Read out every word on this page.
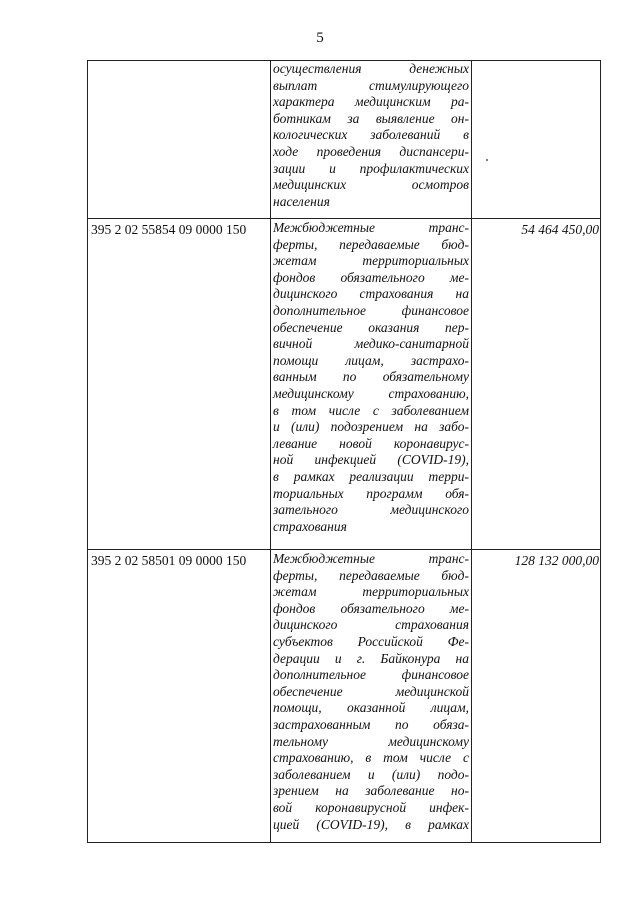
5
осуществления денежных
выплат стимулирующего
характера медицинским ра-
ботникам за выявление он-
кологических заболеваний в
ходе проведения диспансери-
зации и профилактических
медицинских осмотров
населения
395 2 02 55854 09 0000 150	Межбюджетные транс-
ферты, передаваемые бюд-
жетам территориальных
фондов обязательного ме-
дицинского страхования на
дополнительное финансовое
обеспечение оказания пер-
вичной медико-санитарной
помощи лицам, застрахо-
ванным по обязательному
медицинскому страхованию,
в том числе с заболеванием
и (или) подозрением на забо-
левание новой коронавирус-
ной инфекцией (COVID-19),
в рамках реализации терри-
ториальных программ обя-
зательного медицинского
страхования
54 464 450,00
395 2 02 58501 09 0000 150	Межбюджетные транс-
ферты, передаваемые бюд-
жетам территориальных
фондов обязательного ме-
дицинского страхования
субъектов Российской Фе-
дерации и г. Байконура на
дополнительное финансовое
обеспечение медицинской
помощи, оказанной лицам,
застрахованным по обяза-
тельному медицинскому
страхованию, в том числе с
заболеванием и (или) подо-
зрением на заболевание но-
вой коронавирусной инфек-
цией (COVID-19), в рамках
128 132 000,00
